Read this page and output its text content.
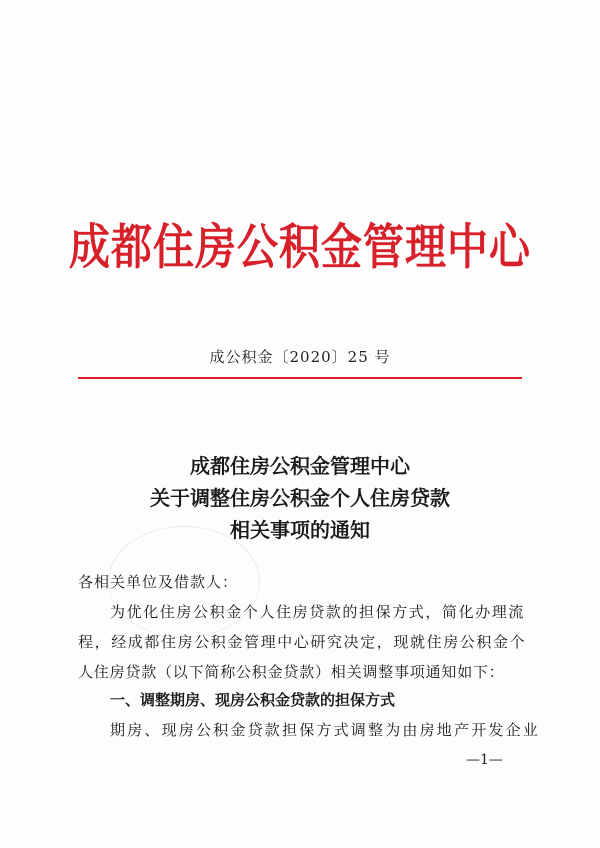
成都住房公积金管理中心
成公积金〔2020〕25 号
成都住房公积金管理中心
关于调整住房公积金个人住房贷款
相关事项的通知
各相关单位及借款人：
为优化住房公积金个人住房贷款的担保方式，简化办理流
程，经成都住房公积金管理中心研究决定，现就住房公积金个
人住房贷款（以下简称公积金贷款）相关调整事项通知如下：
一、调整期房、现房公积金贷款的担保方式
期房、现房公积金贷款担保方式调整为由房地产开发企业
—1—
